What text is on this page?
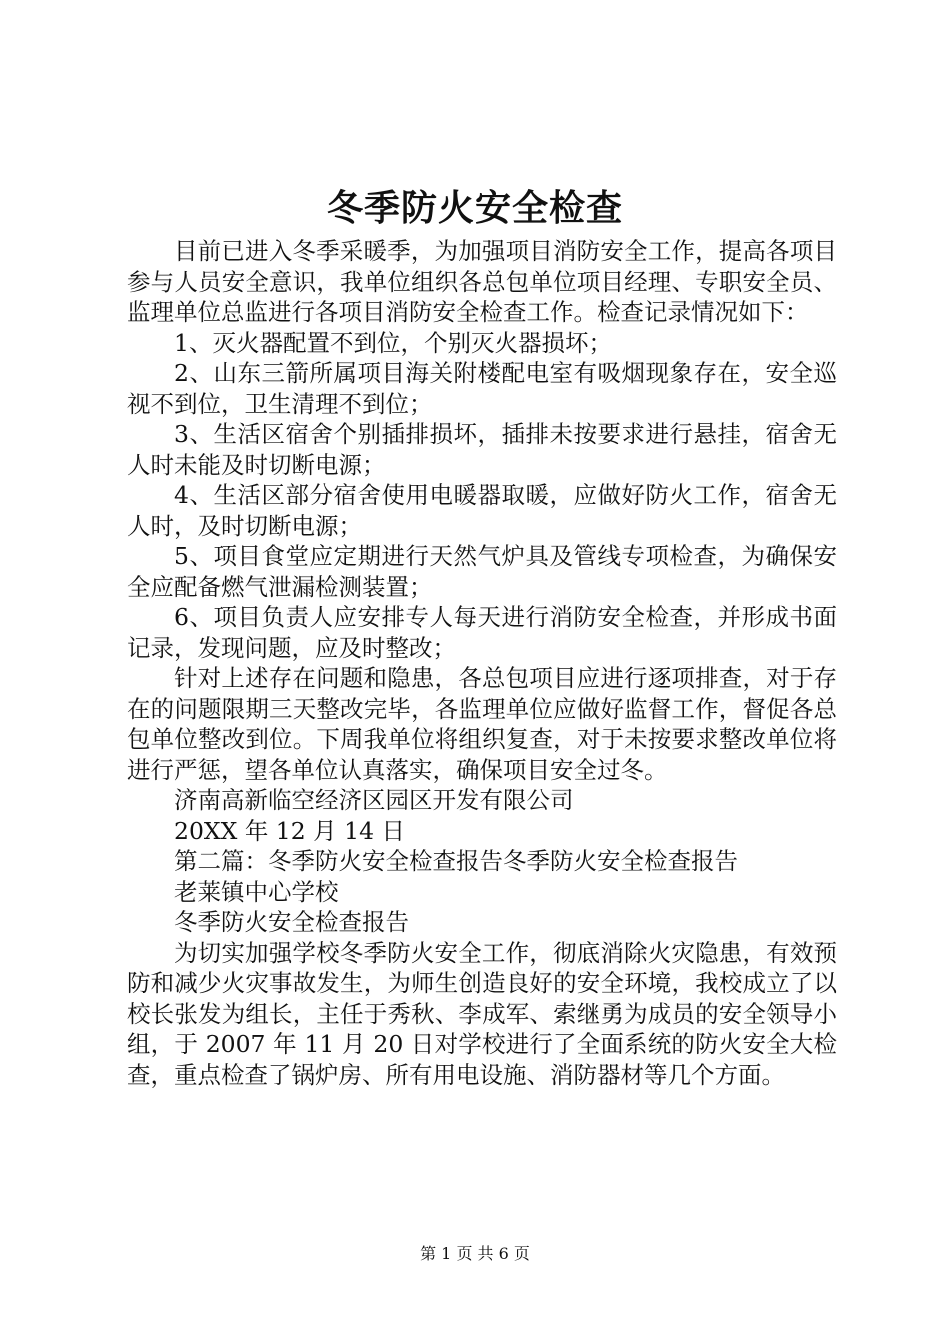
冬季防火安全检查

目前已进入冬季采暖季，为加强项目消防安全工作，提高各项目参与人员安全意识，我单位组织各总包单位项目经理、专职安全员、监理单位总监进行各项目消防安全检查工作。检查记录情况如下：

1、灭火器配置不到位，个别灭火器损坏；

2、山东三箭所属项目海关附楼配电室有吸烟现象存在，安全巡视不到位，卫生清理不到位；

3、生活区宿舍个别插排损坏，插排未按要求进行悬挂，宿舍无人时未能及时切断电源；

4、生活区部分宿舍使用电暖器取暖，应做好防火工作，宿舍无人时，及时切断电源；

5、项目食堂应定期进行天然气炉具及管线专项检查，为确保安全应配备燃气泄漏检测装置；

6、项目负责人应安排专人每天进行消防安全检查，并形成书面记录，发现问题，应及时整改；

针对上述存在问题和隐患，各总包项目应进行逐项排查，对于存在的问题限期三天整改完毕，各监理单位应做好监督工作，督促各总包单位整改到位。下周我单位将组织复查，对于未按要求整改单位将进行严惩，望各单位认真落实，确保项目安全过冬。

济南高新临空经济区园区开发有限公司

20XX 年 12 月 14 日

第二篇：冬季防火安全检查报告冬季防火安全检查报告

老莱镇中心学校

冬季防火安全检查报告

为切实加强学校冬季防火安全工作，彻底消除火灾隐患，有效预防和减少火灾事故发生，为师生创造良好的安全环境，我校成立了以校长张发为组长，主任于秀秋、李成军、索继勇为成员的安全领导小组，于 2007 年 11 月 20 日对学校进行了全面系统的防火安全大检查，重点检查了锅炉房、所有用电设施、消防器材等几个方面。

第 1 页 共 6 页
